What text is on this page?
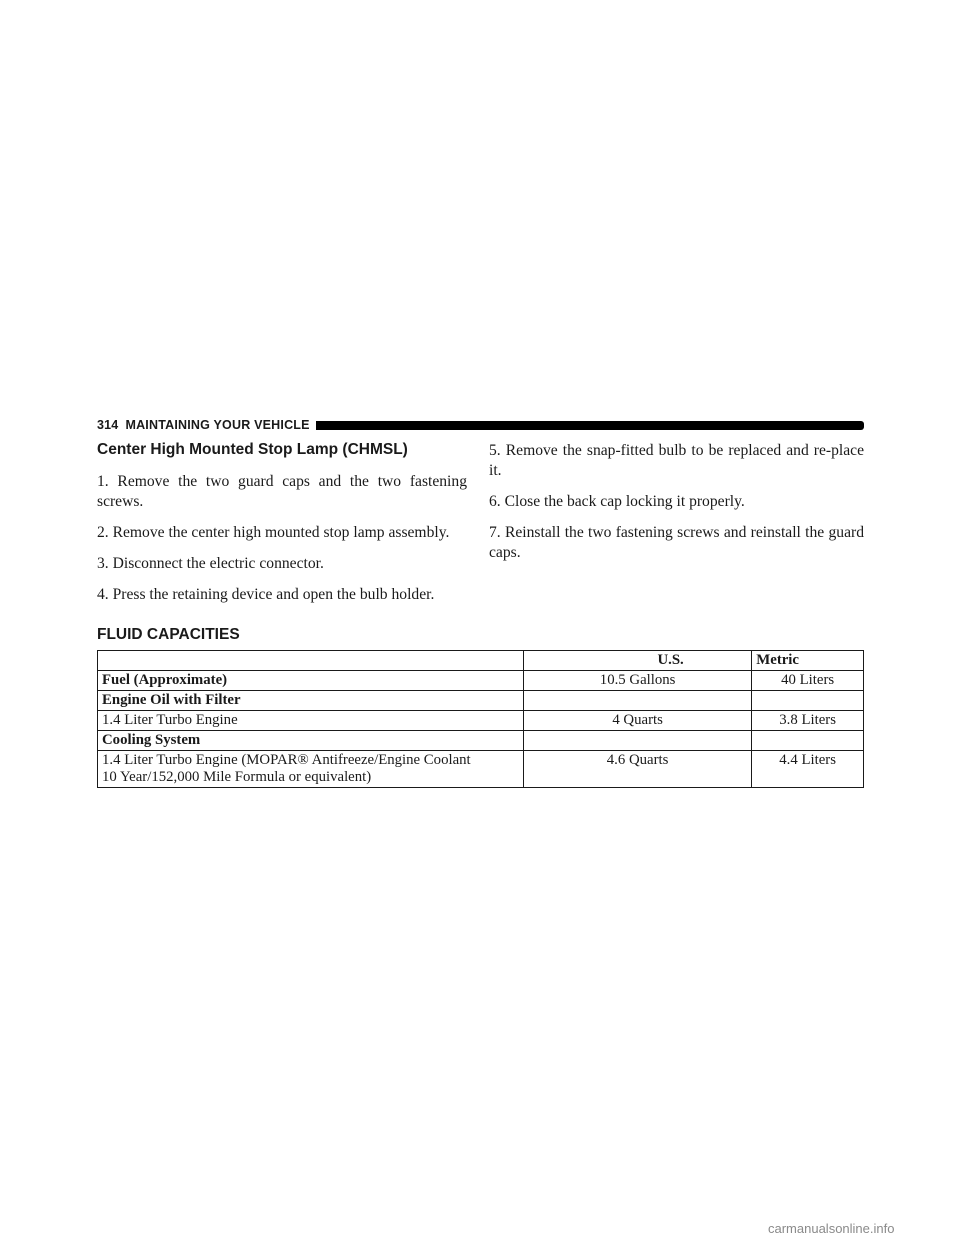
314 MAINTAINING YOUR VEHICLE
Center High Mounted Stop Lamp (CHMSL)

1. Remove the two guard caps and the two fastening screws.

2. Remove the center high mounted stop lamp assembly.

3. Disconnect the electric connector.

4. Press the retaining device and open the bulb holder.

5. Remove the snap-fitted bulb to be replaced and re-place it.

6. Close the back cap locking it properly.

7. Reinstall the two fastening screws and reinstall the guard caps.

FLUID CAPACITIES
	U.S.	Metric
Fuel (Approximate)	10.5 Gallons	40 Liters
Engine Oil with Filter		
1.4 Liter Turbo Engine	4 Quarts	3.8 Liters
Cooling System		

1.4 Liter Turbo Engine (MOPAR® Antifreeze/Engine Coolant
10 Year/152,000 Mile Formula or equivalent)	4.6 Quarts	4.4 Liters
carmanualsonline.info
